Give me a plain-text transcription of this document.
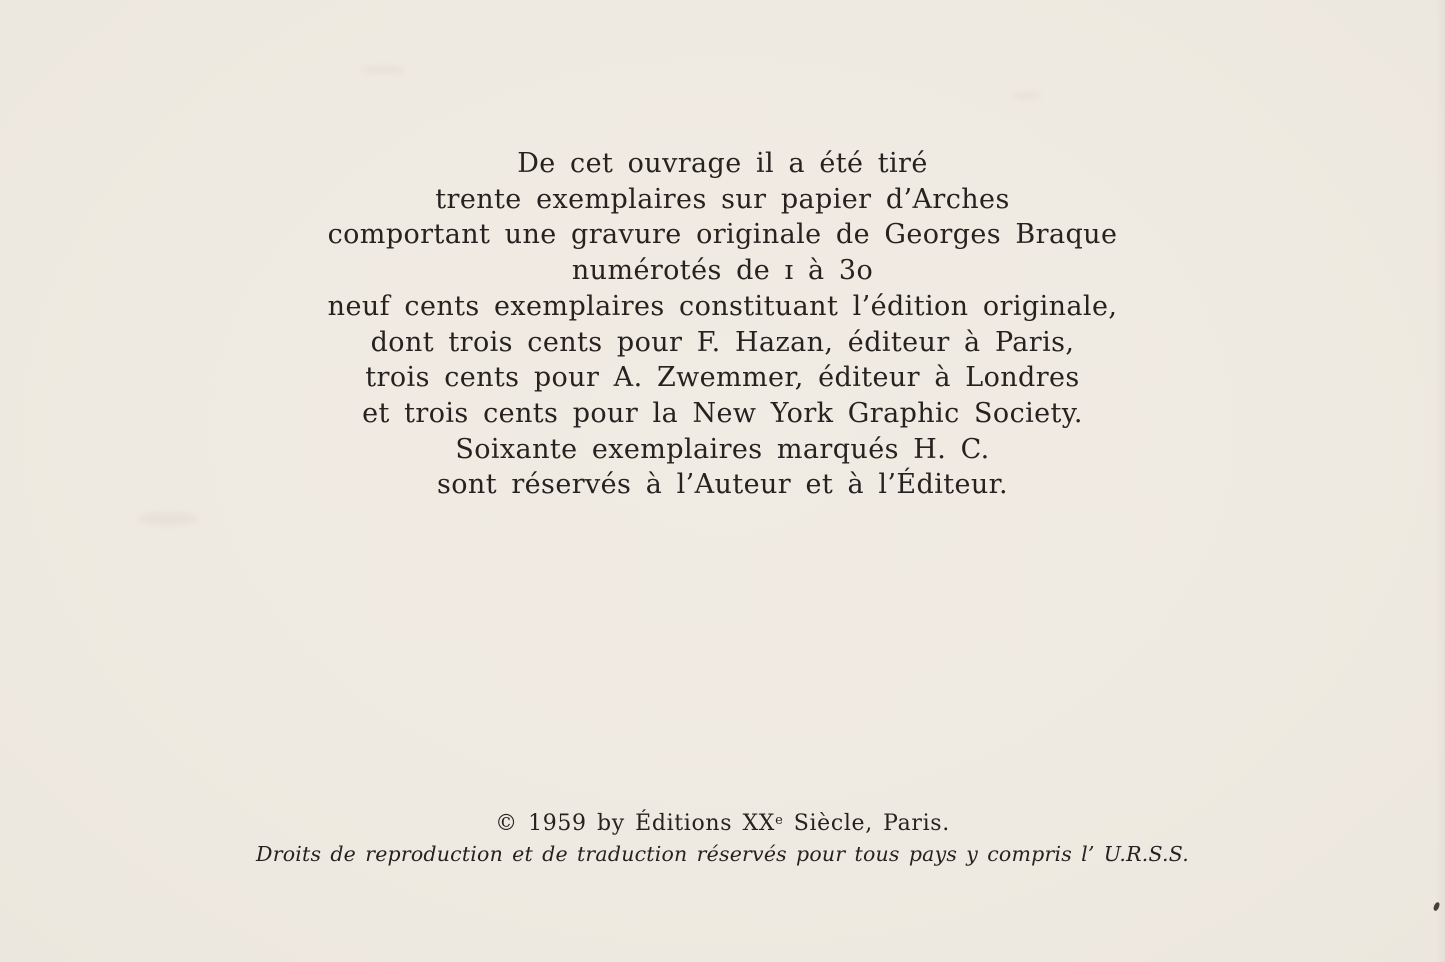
De cet ouvrage il a été tiré
trente exemplaires sur papier d’Arches
comportant une gravure originale de Georges Braque
numérotés de ɪ à 3o
neuf cents exemplaires constituant l’édition originale,
dont trois cents pour F. Hazan, éditeur à Paris,
trois cents pour A. Zwemmer, éditeur à Londres
et trois cents pour la New York Graphic Society.
Soixante exemplaires marqués H. C.
sont réservés à l’Auteur et à l’Éditeur.
© 1959 by Éditions XXe Siècle, Paris.
Droits de reproduction et de traduction réservés pour tous pays y compris l’ U.R.S.S.
